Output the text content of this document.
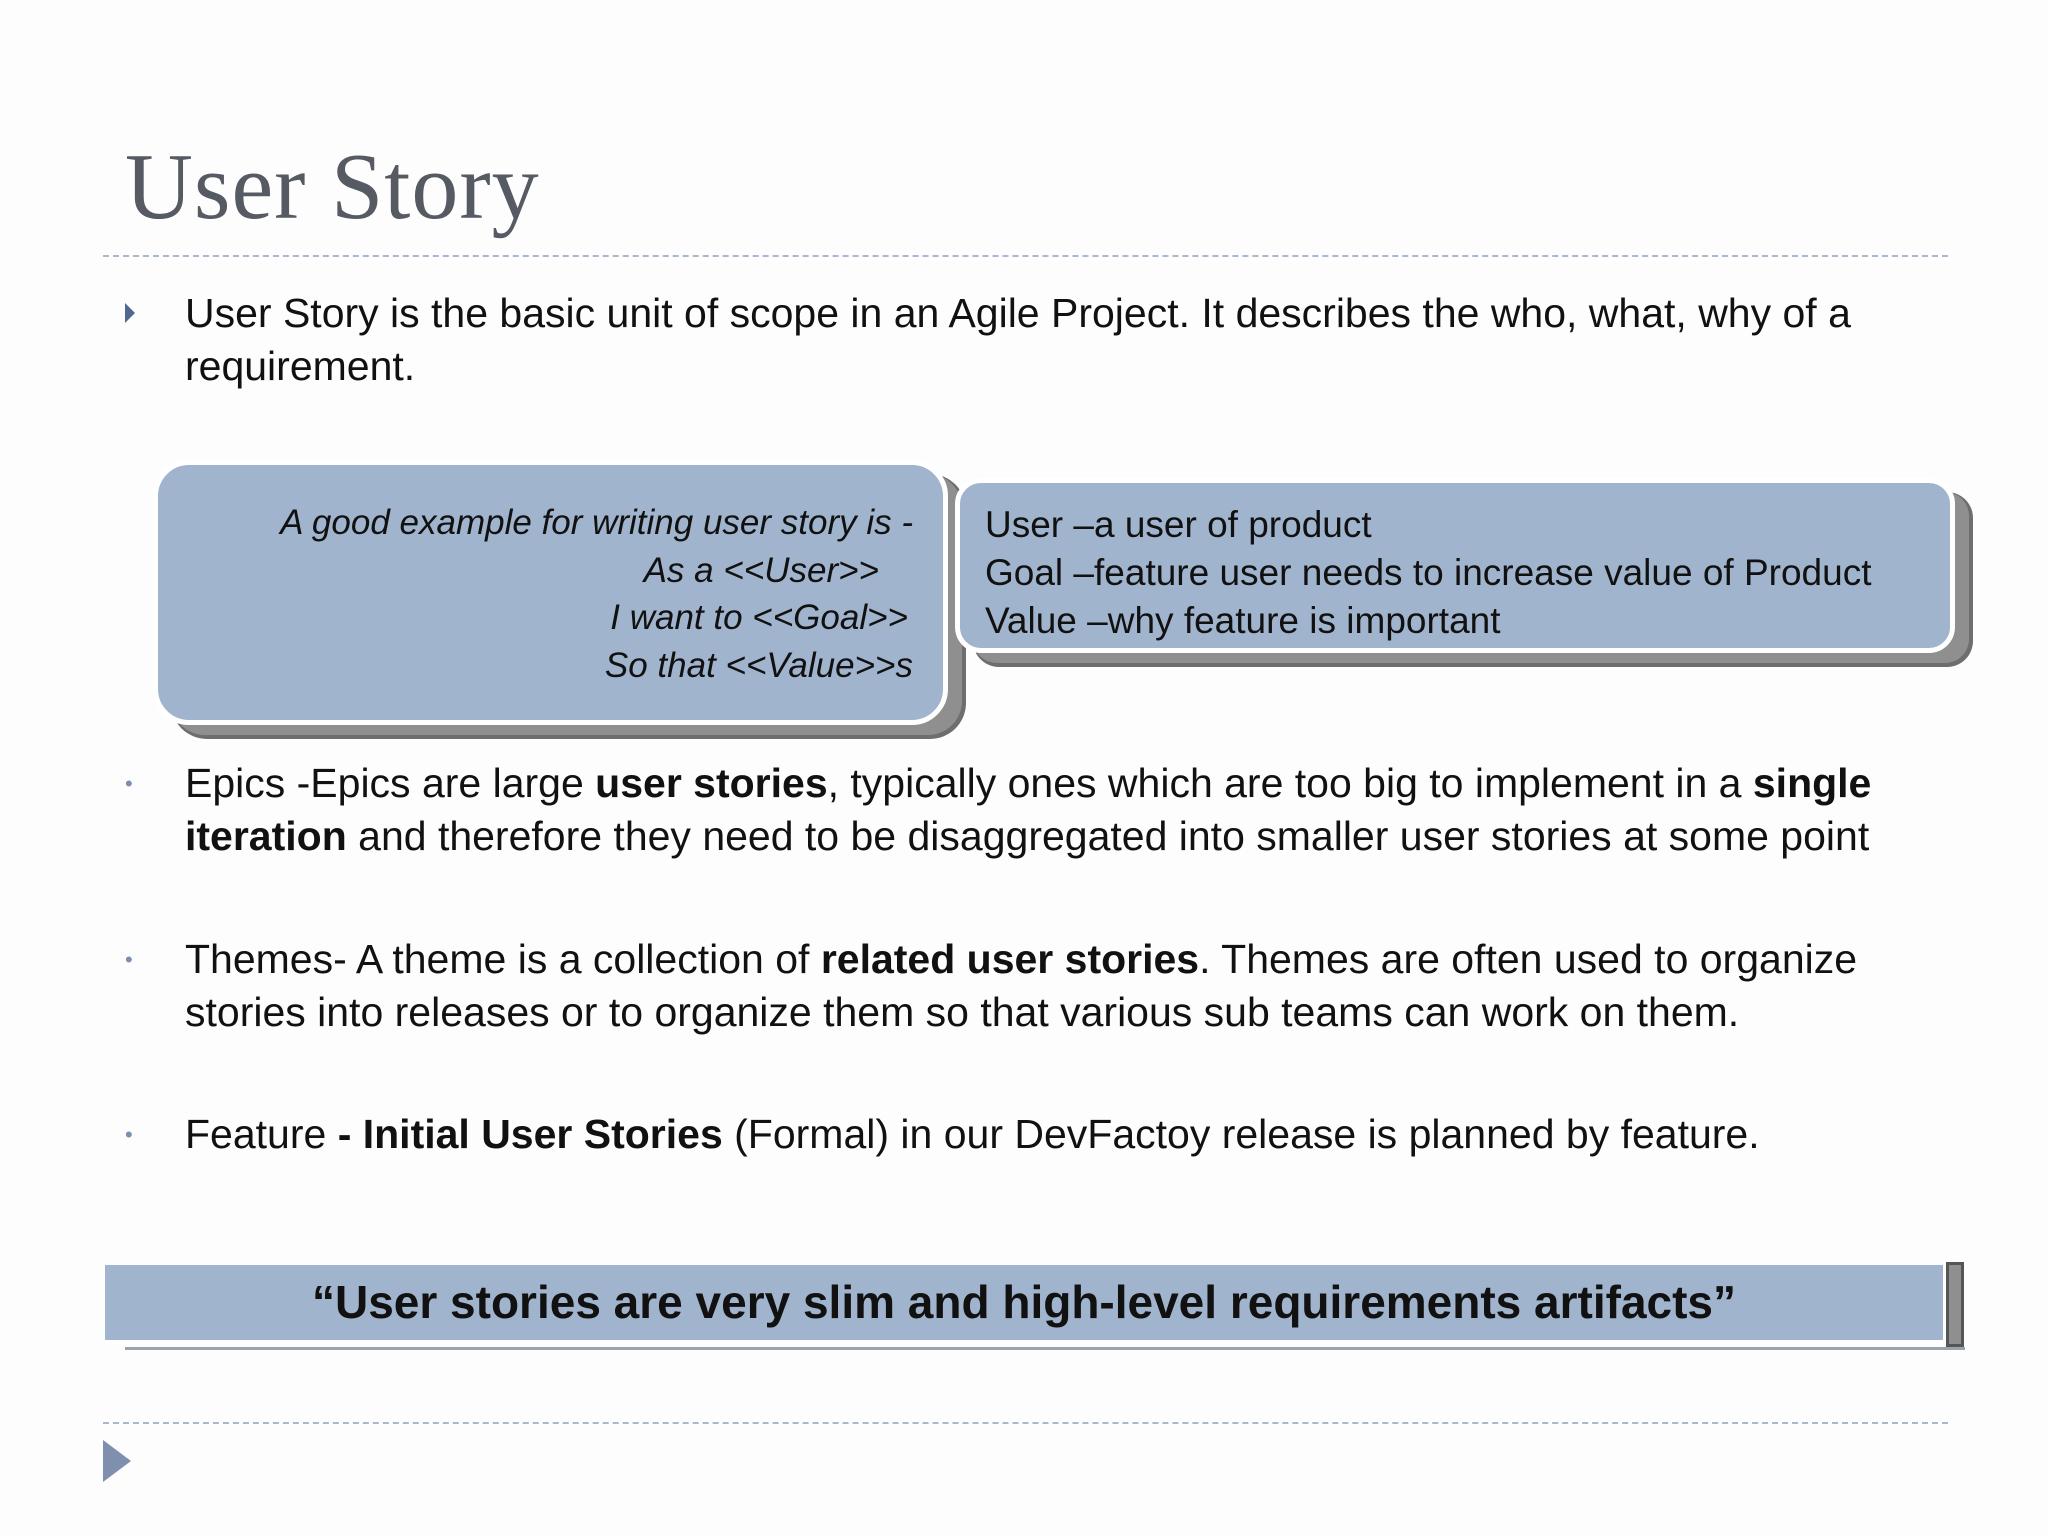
User Story
User Story is the basic unit of scope in an Agile Project. It describes the who, what, why of a requirement.
A good example for writing user story is -
As a <<User>>
I want to <<Goal>>
So that <<Value>>s
User –a user of product
Goal –feature user needs to increase value of Product
Value –why feature is important
•	Epics -Epics are large user stories, typically ones which are too big to implement in a single iteration and therefore they need to be disaggregated into smaller user stories at some point
•	Themes- A theme is a collection of related user stories. Themes are often used to organize stories into releases or to organize them so that various sub teams can work on them.
•	Feature - Initial User Stories (Formal) in our DevFactoy release is planned by feature.
“User stories are very slim and high-level requirements artifacts”
